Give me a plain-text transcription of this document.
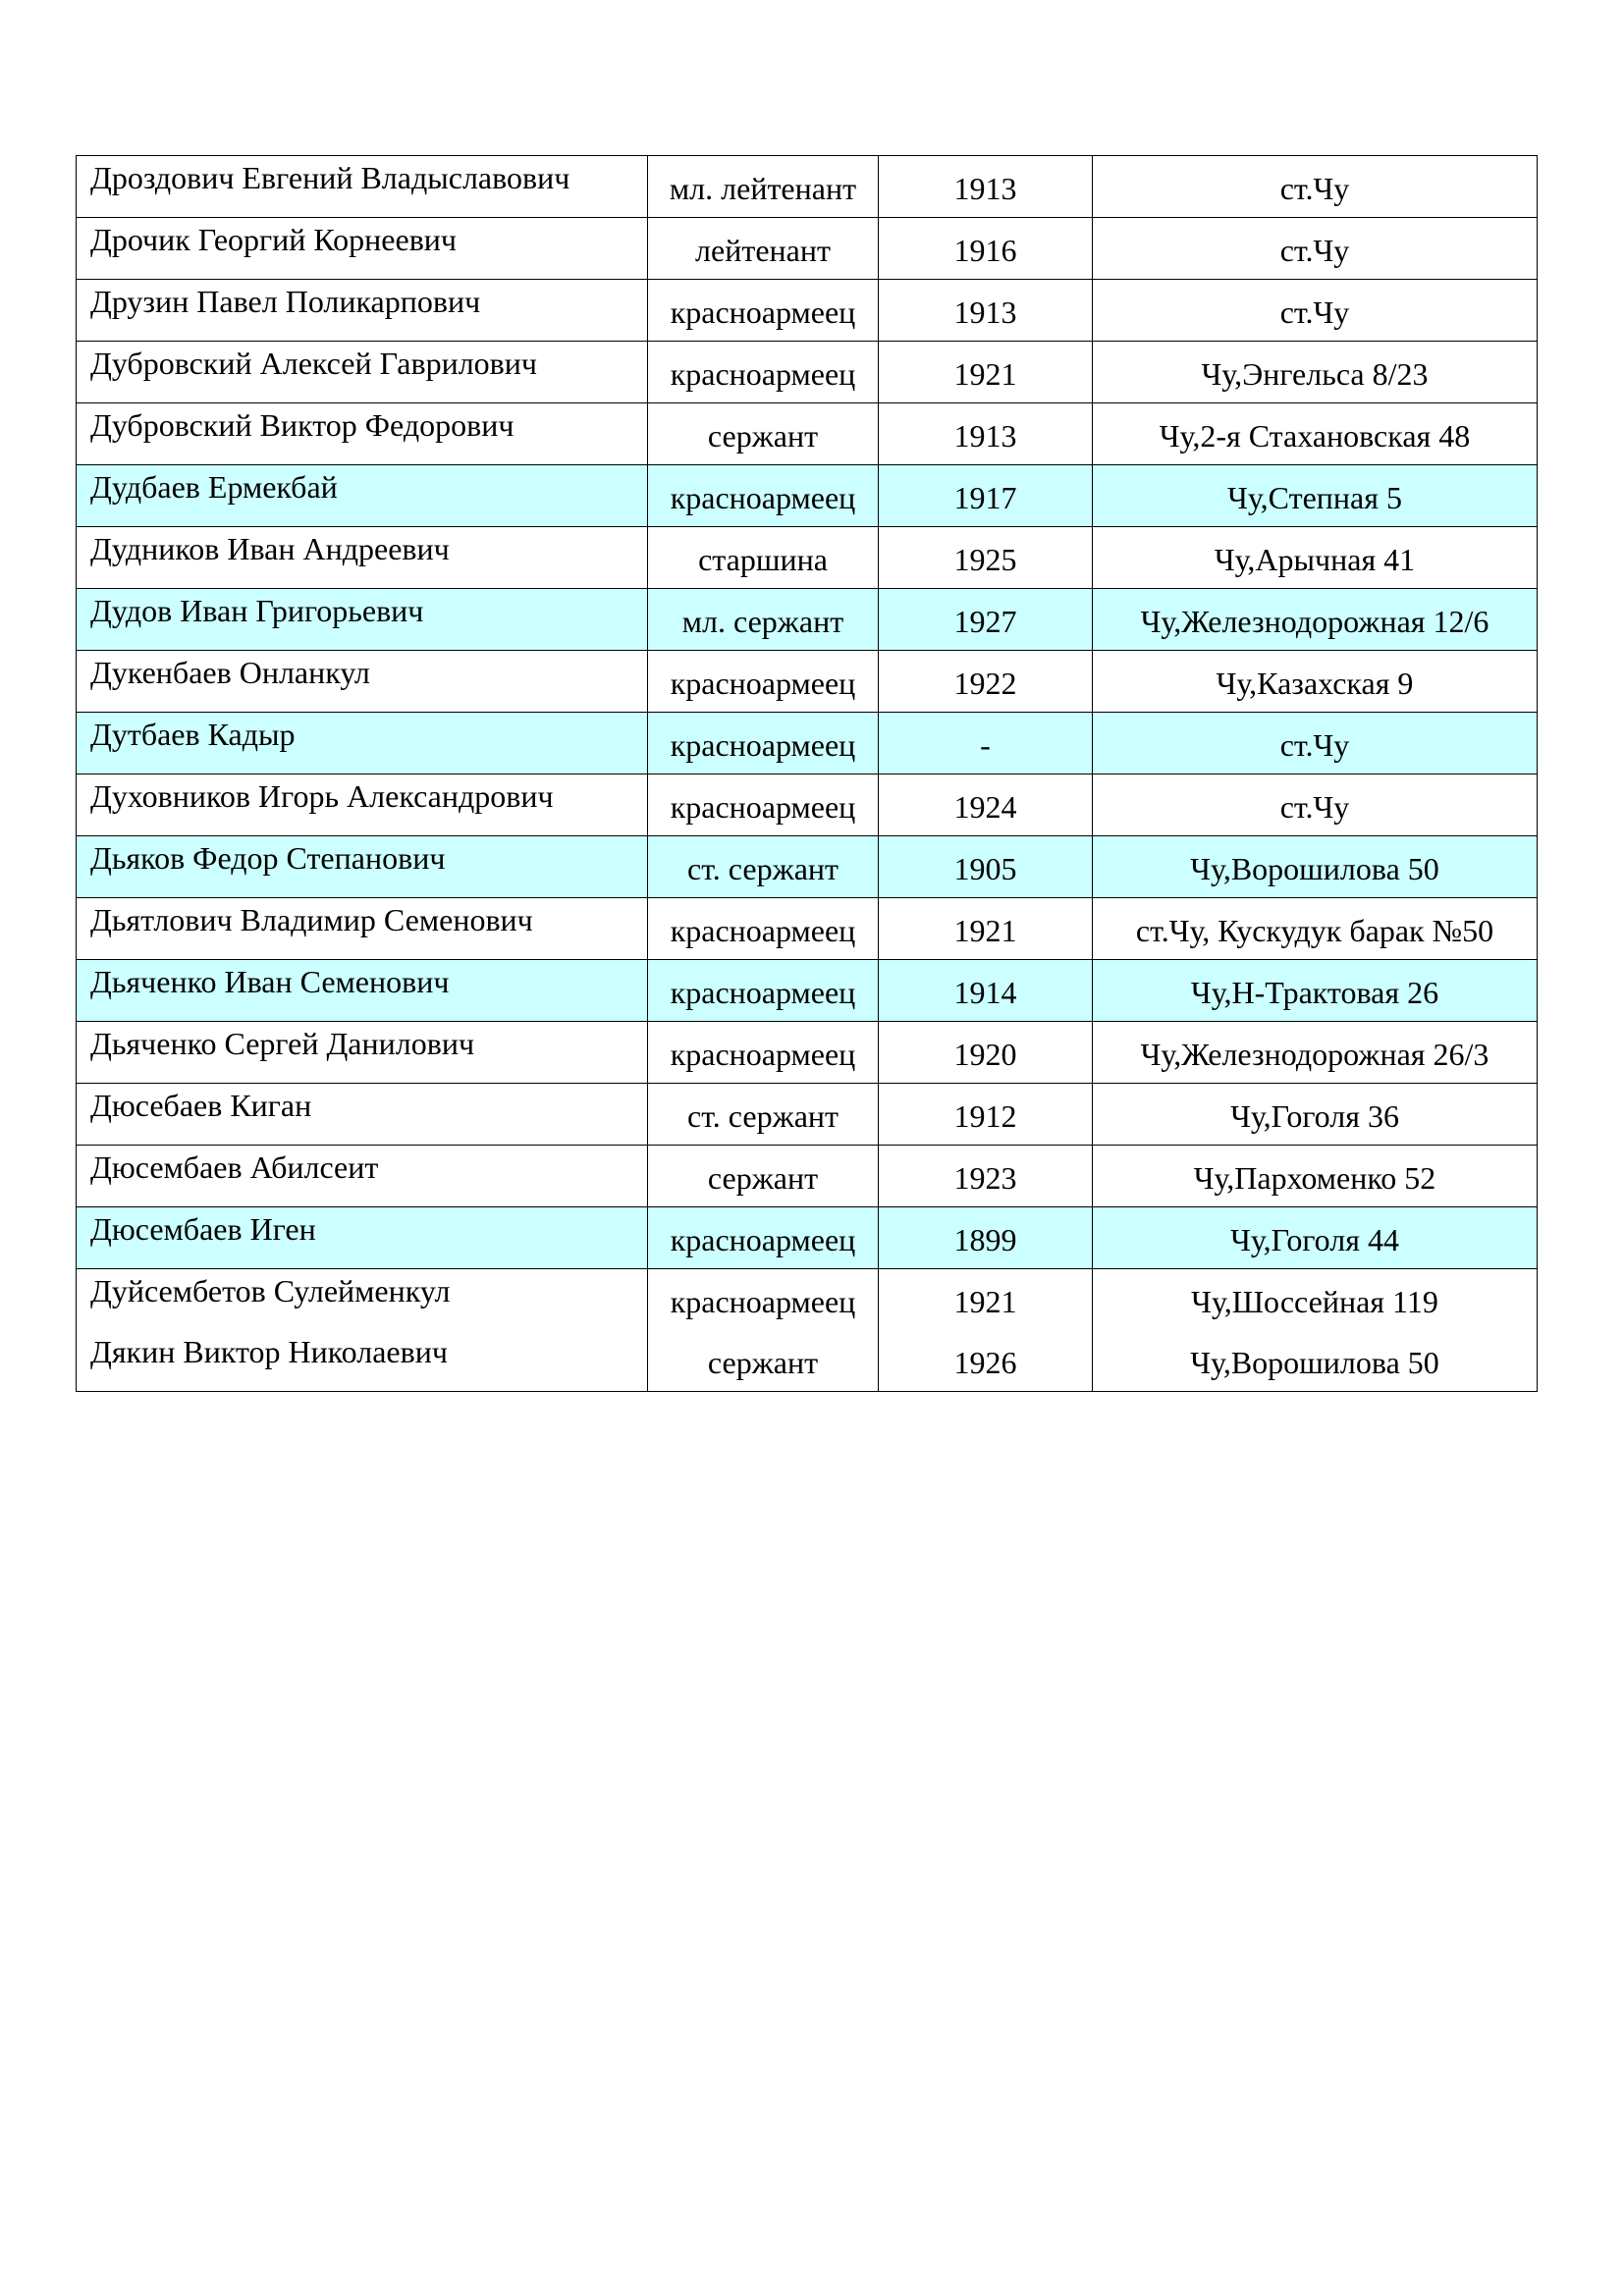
Дроздович Евгений Владыславович	мл. лейтенант	1913	ст.Чу
Дрочик Георгий Корнеевич	лейтенант	1916	ст.Чу
Друзин Павел Поликарпович	красноармеец	1913	ст.Чу
Дубровский Алексей Гаврилович	красноармеец	1921	Чу,Энгельса 8/23
Дубровский Виктор Федорович	сержант	1913	Чу,2-я Стахановская 48
Дудбаев Ермекбай	красноармеец	1917	Чу,Степная 5
Дудников Иван Андреевич	старшина	1925	Чу,Арычная 41
Дудов Иван Григорьевич	мл. сержант	1927	Чу,Железнодорожная 12/6
Дукенбаев Онланкул	красноармеец	1922	Чу,Казахская 9
Дутбаев Кадыр	красноармеец	-	ст.Чу
Духовников Игорь Александрович	красноармеец	1924	ст.Чу
Дьяков Федор Степанович	ст. сержант	1905	Чу,Ворошилова 50
Дьятлович Владимир Семенович	красноармеец	1921	ст.Чу, Кускудук барак №50
Дьяченко Иван Семенович	красноармеец	1914	Чу,Н-Трактовая 26
Дьяченко Сергей Данилович	красноармеец	1920	Чу,Железнодорожная 26/3
Дюсебаев Киган	ст. сержант	1912	Чу,Гоголя 36
Дюсембаев Абилсеит	сержант	1923	Чу,Пархоменко 52
Дюсембаев Иген	красноармеец	1899	Чу,Гоголя 44
Дуйсембетов Сулейменкул	красноармеец	1921	Чу,Шоссейная 119
Дякин Виктор Николаевич	сержант	1926	Чу,Ворошилова 50
